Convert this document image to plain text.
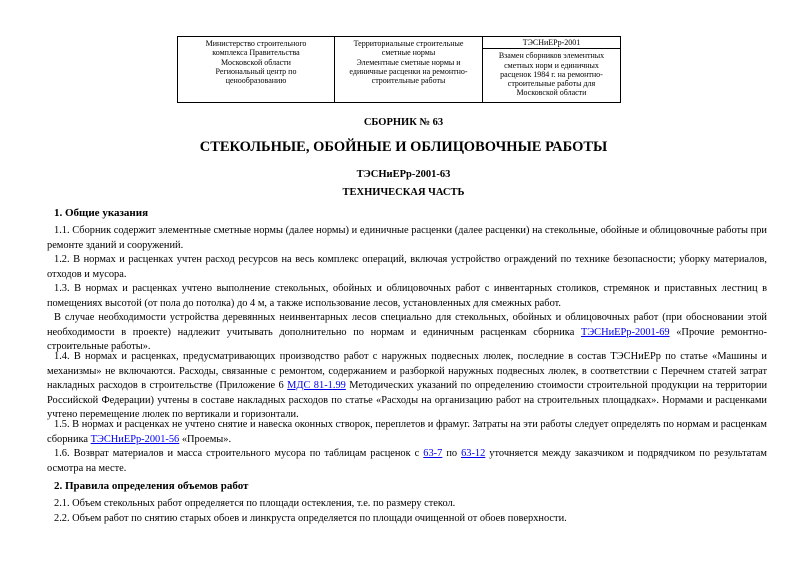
Министерство строительного
комплекса Правительства
Московской области
Региональный центр по
ценообразованию

Территориальные строительные
сметные нормы
Элементные сметные нормы и
единичные расценки на ремонтно-
строительные работы
	ТЭСНиЕРр-2001

Взамен сборников элементных
сметных норм и единичных
расценок 1984 г. на ремонтно-
строительные работы для
Московской области
СБОРНИК № 63
СТЕКОЛЬНЫЕ, ОБОЙНЫЕ И ОБЛИЦОВОЧНЫЕ РАБОТЫ
ТЭСНиЕРр-2001-63
ТЕХНИЧЕСКАЯ ЧАСТЬ
1. Общие указания

1.1. Сборник содержит элементные сметные нормы (далее нормы) и единичные расценки (далее расценки) на стекольные, обойные и облицовочные работы при ремонте зданий и сооружений.

1.2. В нормах и расценках учтен расход ресурсов на весь комплекс операций, включая устройство ограждений по технике безопасности; уборку материалов, отходов и мусора.

1.3. В нормах и расценках учтено выполнение стекольных, обойных и облицовочных работ с инвентарных столиков, стремянок и приставных лестниц в помещениях высотой (от пола до потолка) до 4 м, а также использование лесов, установленных для смежных работ.

В случае необходимости устройства деревянных неинвентарных лесов специально для стекольных, обойных и облицовочных работ (при обосновании этой необходимости в проекте) надлежит учитывать дополнительно по нормам и единичным расценкам сборника ТЭСНиЕРр-2001-69 «Прочие ремонтно-строительные работы».

1.4. В нормах и расценках, предусматривающих производство работ с наружных подвесных люлек, последние в состав ТЭСНиЕРр по статье «Машины и механизмы» не включаются. Расходы, связанные с ремонтом, содержанием и разборкой наружных подвесных люлек, в соответствии с Перечнем статей затрат накладных расходов в строительстве (Приложение 6 МДС 81-1.99 Методических указаний по определению стоимости строительной продукции на территории Российской Федерации) учтены в составе накладных расходов по статье «Расходы на организацию работ на строительных площадках». Нормами и расценками учтено перемещение люлек по вертикали и горизонтали.

1.5. В нормах и расценках не учтено снятие и навеска оконных створок, переплетов и фрамуг. Затраты на эти работы следует определять по нормам и расценкам сборника ТЭСНиЕРр-2001-56 «Проемы».

1.6. Возврат материалов и масса строительного мусора по таблицам расценок с 63-7 по 63-12 уточняется между заказчиком и подрядчиком по результатам осмотра на месте.

2. Правила определения объемов работ

2.1. Объем стекольных работ определяется по площади остекления, т.е. по размеру стекол.

2.2. Объем работ по снятию старых обоев и линкруста определяется по площади очищенной от обоев поверхности.
